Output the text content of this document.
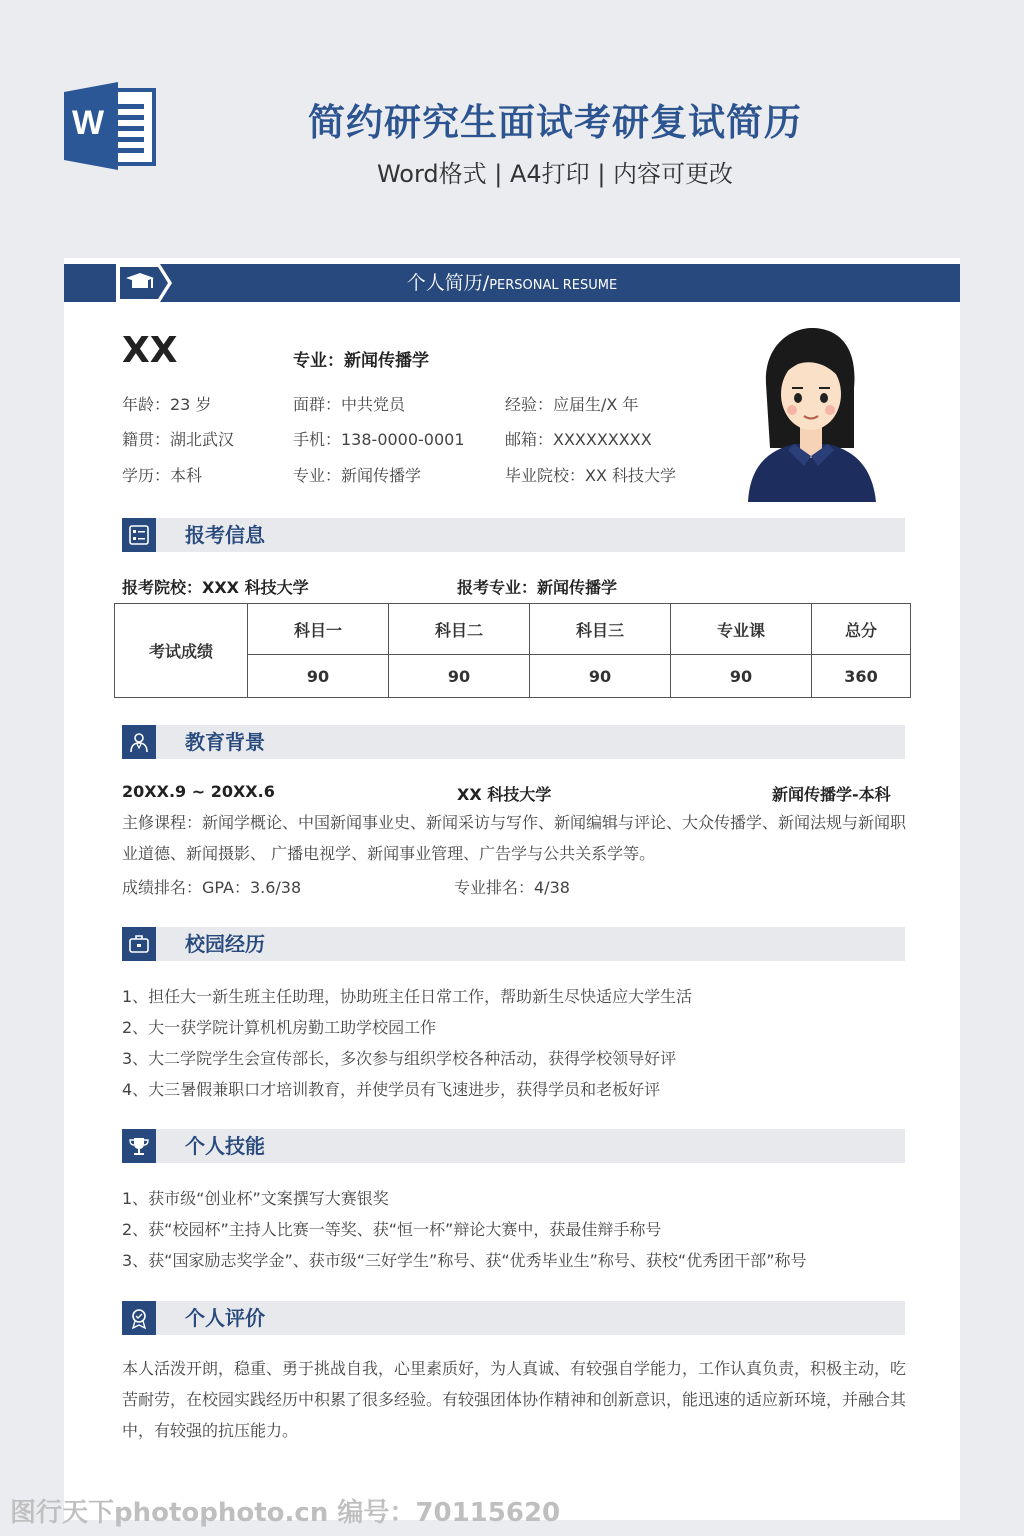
W	简约研究生面试考研复试简历
Word格式 | A4打印 | 内容可更改
个人简历/PERSONAL RESUME
XX	专业：新闻传播学
年龄：23 岁	面群：中共党员	经验：应届生/X 年
籍贯：湖北武汉	手机：138-0000-0001	邮箱：XXXXXXXXX
学历：本科	专业：新闻传播学	毕业院校：XX 科技大学
报考信息
报考院校：XXX 科技大学	报考专业：新闻传播学
考试成绩	科目一	科目二	科目三	专业课	总分
	90	90	90	90	360
教育背景
20XX.9 ~ 20XX.6	XX 科技大学	新闻传播学-本科
主修课程：新闻学概论、中国新闻事业史、新闻采访与写作、新闻编辑与评论、大众传播学、新闻法规与新闻职业道德、新闻摄影、 广播电视学、新闻事业管理、广告学与公共关系学等。
成绩排名：GPA：3.6/38	专业排名：4/38
校园经历
1、担任大一新生班主任助理，协助班主任日常工作，帮助新生尽快适应大学生活
2、大一获学院计算机机房勤工助学校园工作
3、大二学院学生会宣传部长，多次参与组织学校各种活动，获得学校领导好评
4、大三暑假兼职口才培训教育，并使学员有飞速进步，获得学员和老板好评
个人技能
1、获市级“创业杯”文案撰写大赛银奖
2、获“校园杯”主持人比赛一等奖、获“恒一杯”辩论大赛中，获最佳辩手称号
3、获“国家励志奖学金”、获市级“三好学生”称号、获“优秀毕业生”称号、获校“优秀团干部”称号
个人评价
本人活泼开朗，稳重、勇于挑战自我，心里素质好，为人真诚、有较强自学能力，工作认真负责，积极主动，吃苦耐劳，在校园实践经历中积累了很多经验。有较强团体协作精神和创新意识，能迅速的适应新环境，并融合其中，有较强的抗压能力。
图行天下photophoto.cn 编号：70115620
